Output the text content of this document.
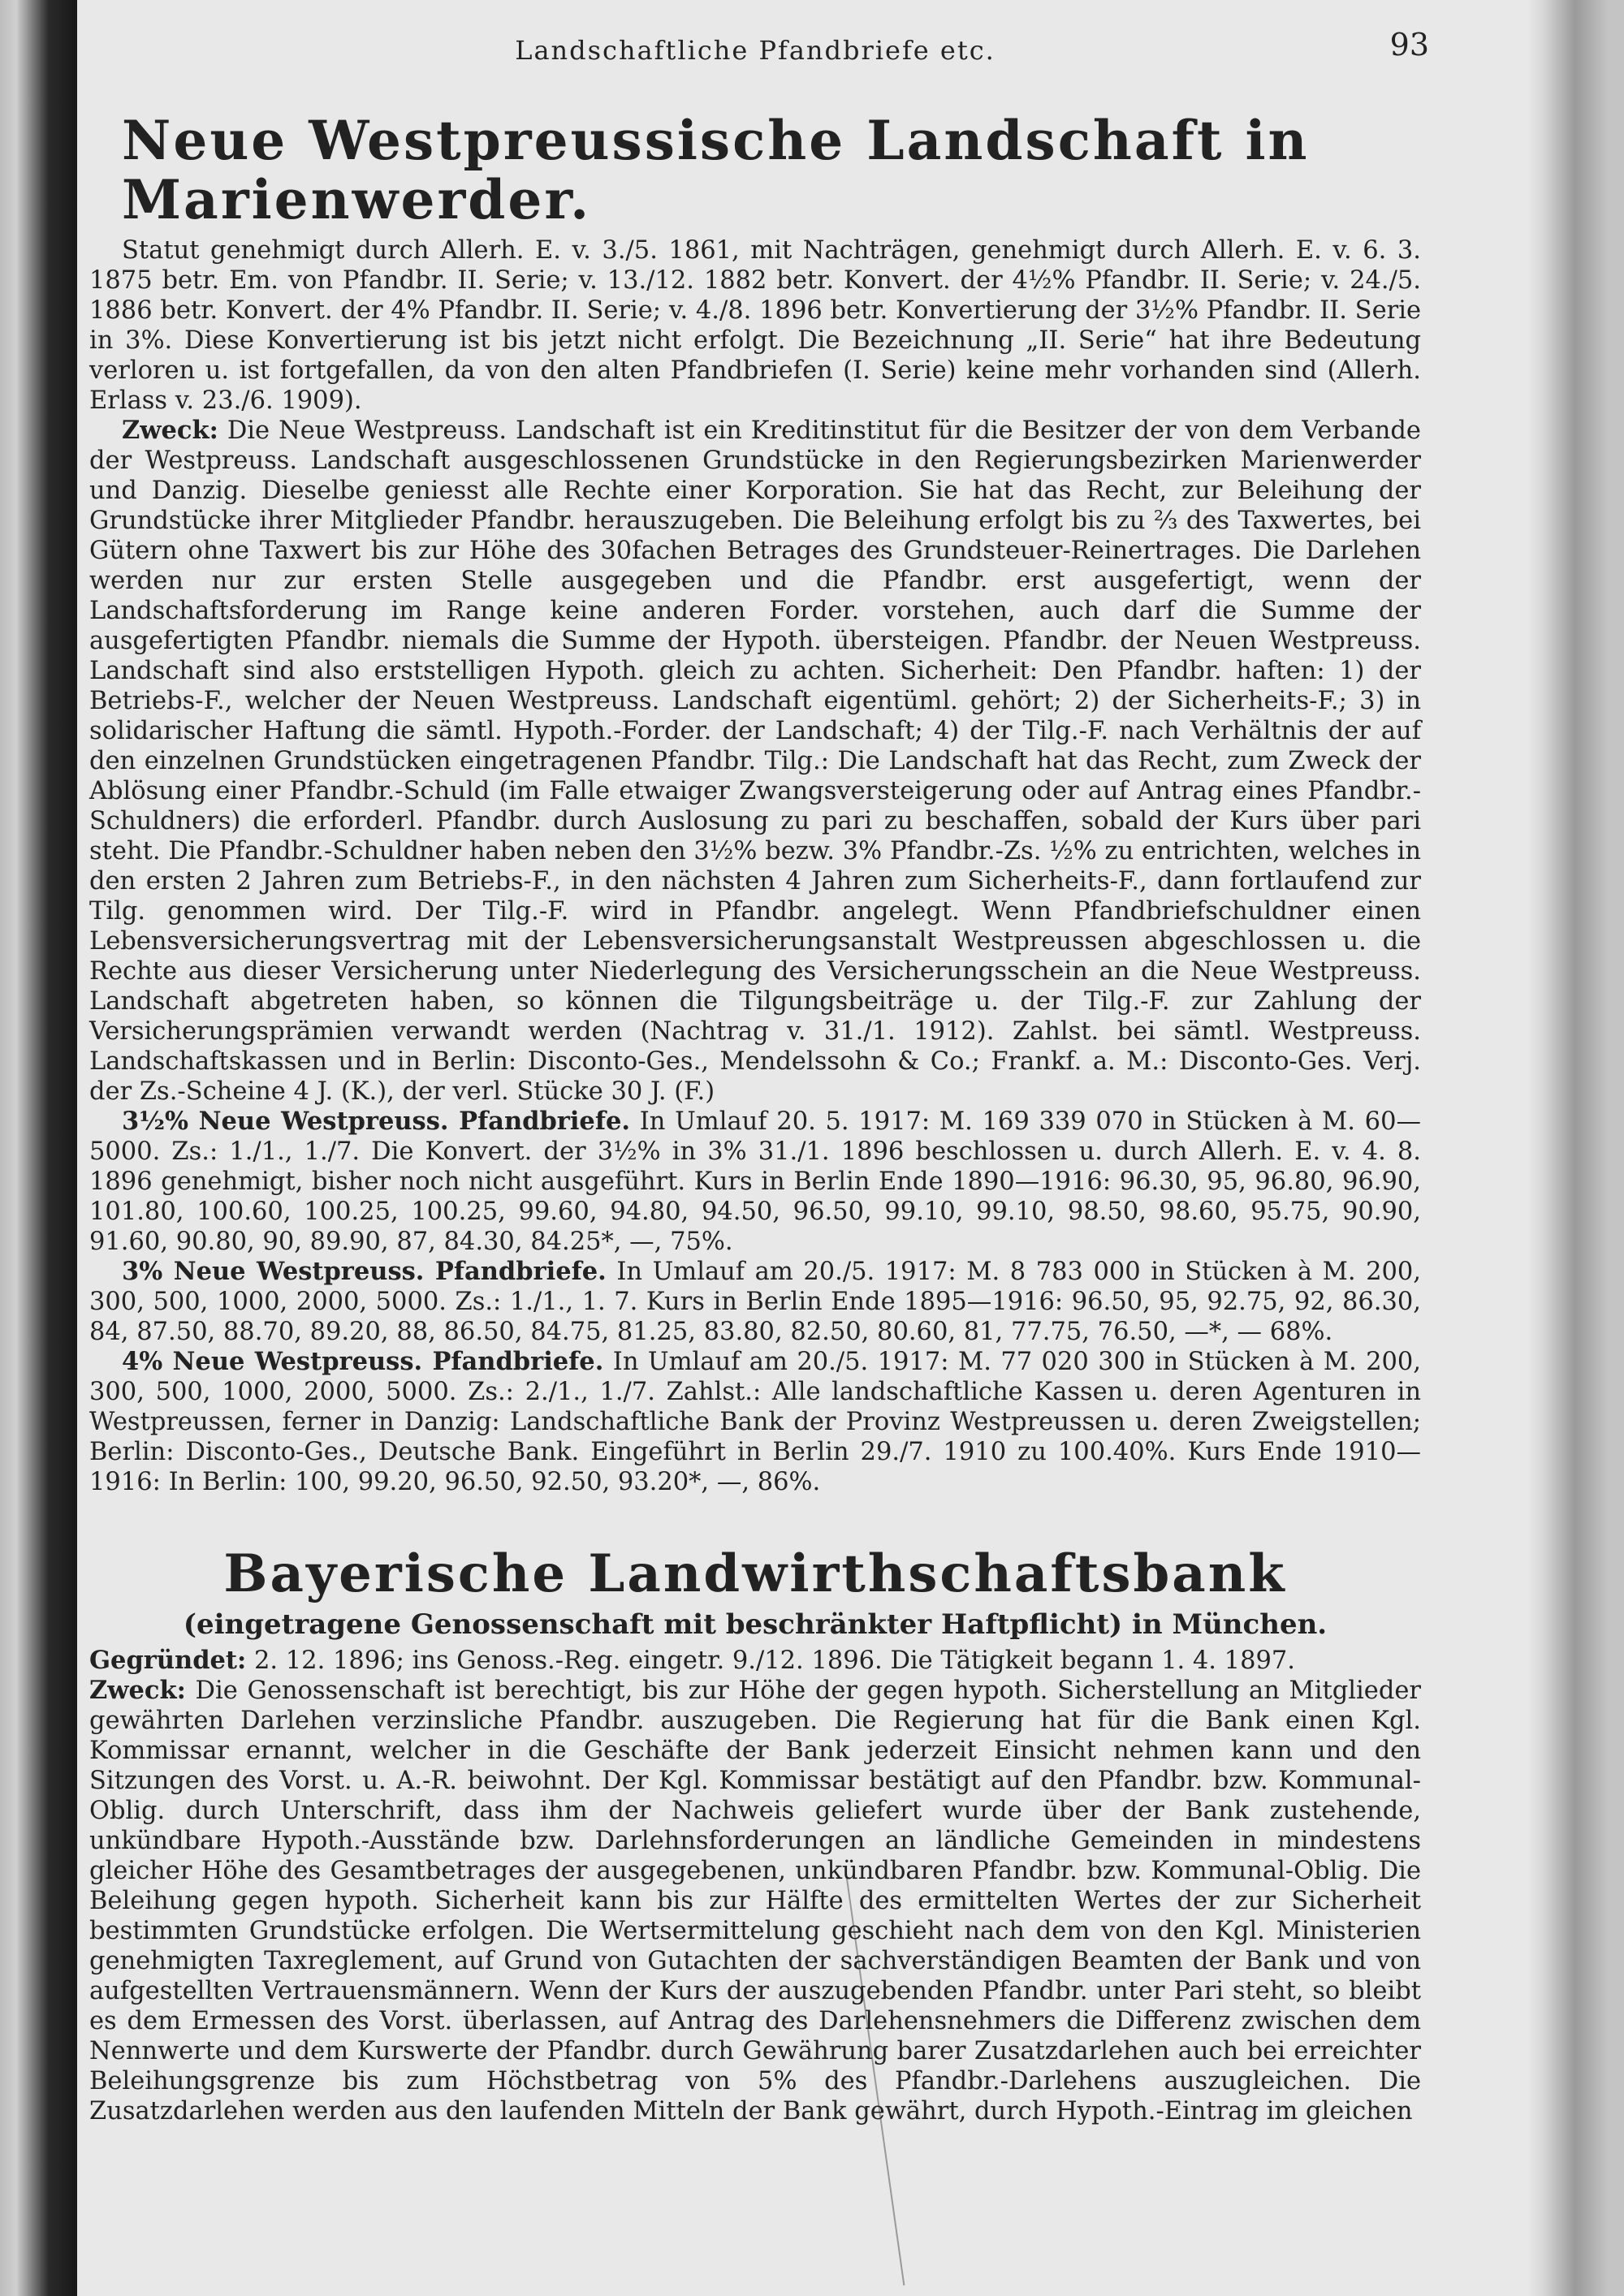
Landschaftliche Pfandbriefe etc.	93
Neue Westpreussische Landschaft in Marienwerder.

Statut genehmigt durch Allerh. E. v. 3./5. 1861, mit Nachträgen, genehmigt durch Allerh. E. v. 6. 3. 1875 betr. Em. von Pfandbr. II. Serie; v. 13./12. 1882 betr. Konvert. der 4½% Pfandbr. II. Serie; v. 24./5. 1886 betr. Konvert. der 4% Pfandbr. II. Serie; v. 4./8. 1896 betr. Konvertierung der 3½% Pfandbr. II. Serie in 3%. Diese Konvertierung ist bis jetzt nicht erfolgt. Die Bezeichnung „II. Serie“ hat ihre Bedeutung verloren u. ist fortgefallen, da von den alten Pfandbriefen (I. Serie) keine mehr vorhanden sind (Allerh. Erlass v. 23./6. 1909).

Zweck: Die Neue Westpreuss. Landschaft ist ein Kreditinstitut für die Besitzer der von dem Verbande der Westpreuss. Landschaft ausgeschlossenen Grundstücke in den Regierungsbezirken Marienwerder und Danzig. Dieselbe geniesst alle Rechte einer Korporation. Sie hat das Recht, zur Beleihung der Grundstücke ihrer Mitglieder Pfandbr. herauszugeben. Die Beleihung erfolgt bis zu ⅔ des Taxwertes, bei Gütern ohne Taxwert bis zur Höhe des 30fachen Betrages des Grundsteuer-Reinertrages. Die Darlehen werden nur zur ersten Stelle ausgegeben und die Pfandbr. erst ausgefertigt, wenn der Landschaftsforderung im Range keine anderen Forder. vorstehen, auch darf die Summe der ausgefertigten Pfandbr. niemals die Summe der Hypoth. übersteigen. Pfandbr. der Neuen Westpreuss. Landschaft sind also erststelligen Hypoth. gleich zu achten. Sicherheit: Den Pfandbr. haften: 1) der Betriebs-F., welcher der Neuen Westpreuss. Landschaft eigentüml. gehört; 2) der Sicherheits-F.; 3) in solidarischer Haftung die sämtl. Hypoth.-Forder. der Landschaft; 4) der Tilg.-F. nach Verhältnis der auf den einzelnen Grundstücken eingetragenen Pfandbr. Tilg.: Die Landschaft hat das Recht, zum Zweck der Ablösung einer Pfandbr.-Schuld (im Falle etwaiger Zwangsversteigerung oder auf Antrag eines Pfandbr.-Schuldners) die erforderl. Pfandbr. durch Auslosung zu pari zu beschaffen, sobald der Kurs über pari steht. Die Pfandbr.-Schuldner haben neben den 3½% bezw. 3% Pfandbr.-Zs. ½% zu entrichten, welches in den ersten 2 Jahren zum Betriebs-F., in den nächsten 4 Jahren zum Sicherheits-F., dann fortlaufend zur Tilg. genommen wird. Der Tilg.-F. wird in Pfandbr. angelegt. Wenn Pfandbriefschuldner einen Lebensversicherungsvertrag mit der Lebensversicherungsanstalt Westpreussen abgeschlossen u. die Rechte aus dieser Versicherung unter Niederlegung des Versicherungsschein an die Neue Westpreuss. Landschaft abgetreten haben, so können die Tilgungsbeiträge u. der Tilg.-F. zur Zahlung der Versicherungsprämien verwandt werden (Nachtrag v. 31./1. 1912). Zahlst. bei sämtl. Westpreuss. Landschaftskassen und in Berlin: Disconto-Ges., Mendelssohn & Co.; Frankf. a. M.: Disconto-Ges. Verj. der Zs.-Scheine 4 J. (K.), der verl. Stücke 30 J. (F.)

3½% Neue Westpreuss. Pfandbriefe. In Umlauf 20. 5. 1917: M. 169 339 070 in Stücken à M. 60—5000. Zs.: 1./1., 1./7. Die Konvert. der 3½% in 3% 31./1. 1896 beschlossen u. durch Allerh. E. v. 4. 8. 1896 genehmigt, bisher noch nicht ausgeführt. Kurs in Berlin Ende 1890—1916: 96.30, 95, 96.80, 96.90, 101.80, 100.60, 100.25, 100.25, 99.60, 94.80, 94.50, 96.50, 99.10, 99.10, 98.50, 98.60, 95.75, 90.90, 91.60, 90.80, 90, 89.90, 87, 84.30, 84.25*, —, 75%.

3% Neue Westpreuss. Pfandbriefe. In Umlauf am 20./5. 1917: M. 8 783 000 in Stücken à M. 200, 300, 500, 1000, 2000, 5000. Zs.: 1./1., 1. 7. Kurs in Berlin Ende 1895—1916: 96.50, 95, 92.75, 92, 86.30, 84, 87.50, 88.70, 89.20, 88, 86.50, 84.75, 81.25, 83.80, 82.50, 80.60, 81, 77.75, 76.50, —*, — 68%.

4% Neue Westpreuss. Pfandbriefe. In Umlauf am 20./5. 1917: M. 77 020 300 in Stücken à M. 200, 300, 500, 1000, 2000, 5000. Zs.: 2./1., 1./7. Zahlst.: Alle landschaftliche Kassen u. deren Agenturen in Westpreussen, ferner in Danzig: Landschaftliche Bank der Provinz Westpreussen u. deren Zweigstellen; Berlin: Disconto-Ges., Deutsche Bank. Eingeführt in Berlin 29./7. 1910 zu 100.40%. Kurs Ende 1910—1916: In Berlin: 100, 99.20, 96.50, 92.50, 93.20*, —, 86%.

Bayerische Landwirthschaftsbank
(eingetragene Genossenschaft mit beschränkter Haftpflicht) in München.

Gegründet: 2. 12. 1896; ins Genoss.-Reg. eingetr. 9./12. 1896. Die Tätigkeit begann 1. 4. 1897.

Zweck: Die Genossenschaft ist berechtigt, bis zur Höhe der gegen hypoth. Sicherstellung an Mitglieder gewährten Darlehen verzinsliche Pfandbr. auszugeben. Die Regierung hat für die Bank einen Kgl. Kommissar ernannt, welcher in die Geschäfte der Bank jederzeit Einsicht nehmen kann und den Sitzungen des Vorst. u. A.-R. beiwohnt. Der Kgl. Kommissar bestätigt auf den Pfandbr. bzw. Kommunal-Oblig. durch Unterschrift, dass ihm der Nachweis geliefert wurde über der Bank zustehende, unkündbare Hypoth.-Ausstände bzw. Darlehnsforderungen an ländliche Gemeinden in mindestens gleicher Höhe des Gesamtbetrages der ausgegebenen, unkündbaren Pfandbr. bzw. Kommunal-Oblig. Die Beleihung gegen hypoth. Sicherheit kann bis zur Hälfte des ermittelten Wertes der zur Sicherheit bestimmten Grundstücke erfolgen. Die Wertsermittelung geschieht nach dem von den Kgl. Ministerien genehmigten Taxreglement, auf Grund von Gutachten der sachverständigen Beamten der Bank und von aufgestellten Vertrauensmännern. Wenn der Kurs der auszugebenden Pfandbr. unter Pari steht, so bleibt es dem Ermessen des Vorst. überlassen, auf Antrag des Darlehensnehmers die Differenz zwischen dem Nennwerte und dem Kurswerte der Pfandbr. durch Gewährung barer Zusatzdarlehen auch bei erreichter Beleihungsgrenze bis zum Höchstbetrag von 5% des Pfandbr.-Darlehens auszugleichen. Die Zusatzdarlehen werden aus den laufenden Mitteln der Bank gewährt, durch Hypoth.-Eintrag im gleichen
